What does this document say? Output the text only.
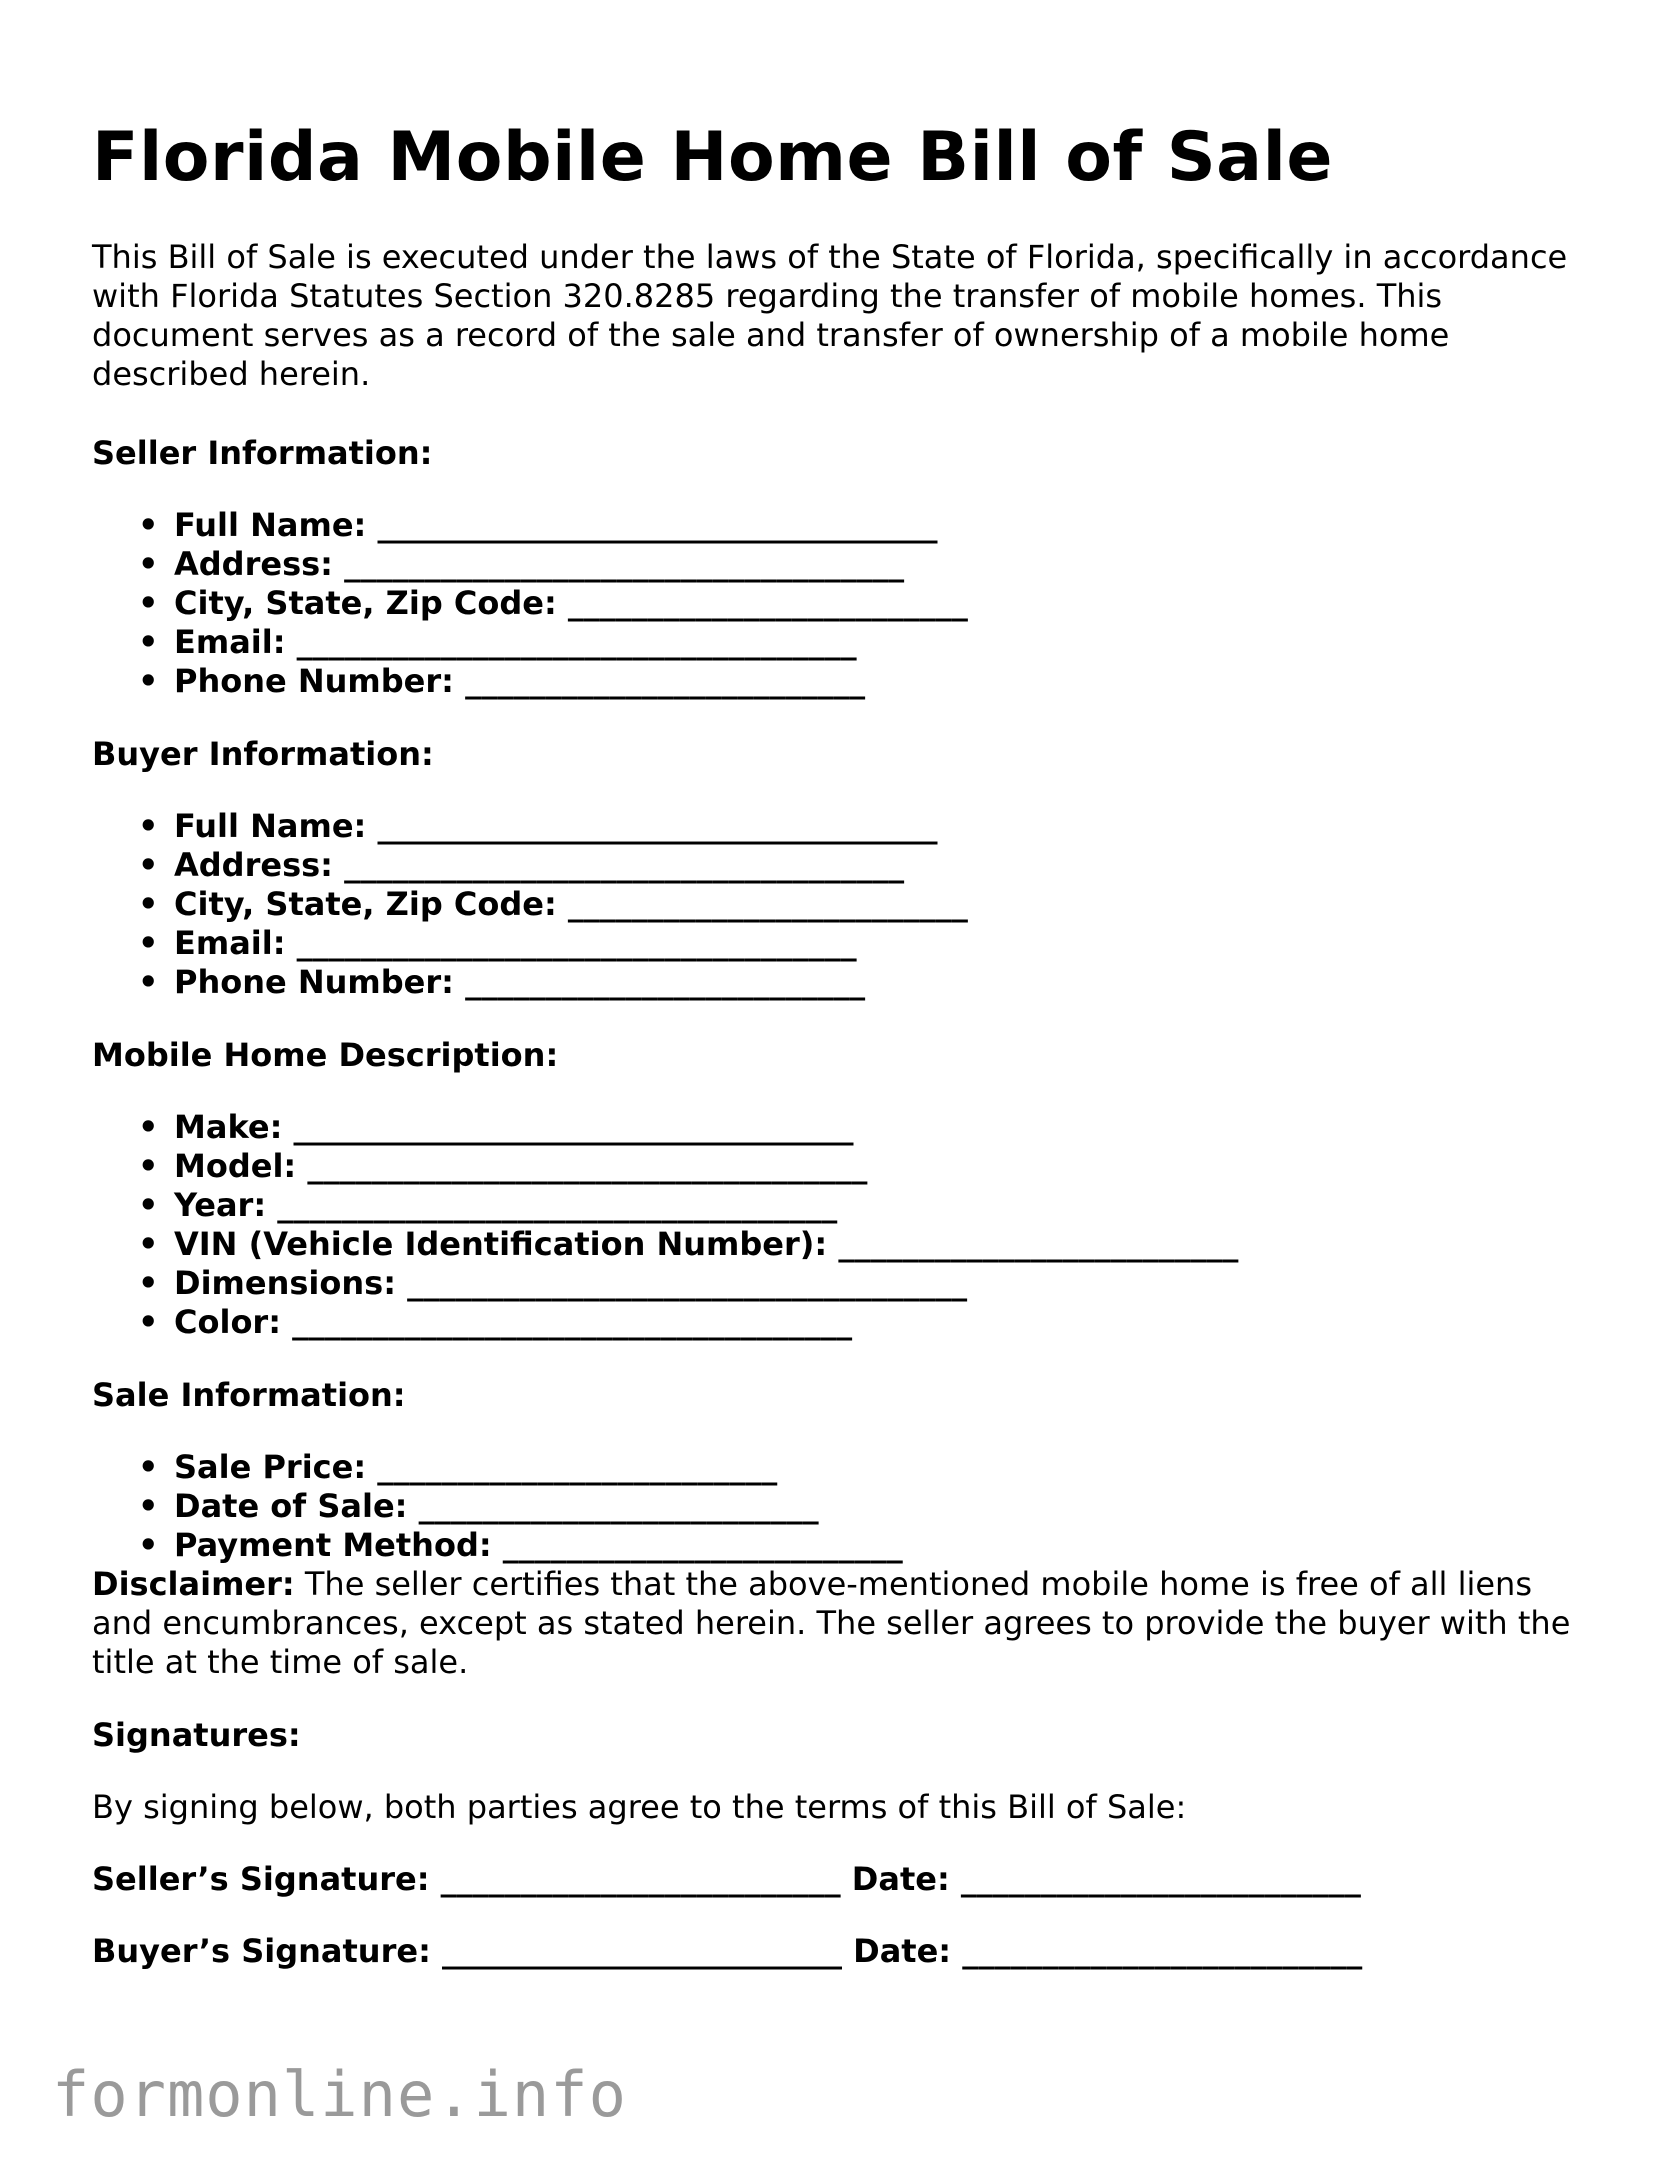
Florida Mobile Home Bill of Sale

This Bill of Sale is executed under the laws of the State of Florida, specifically in accordance with Florida Statutes Section 320.8285 regarding the transfer of mobile homes. This document serves as a record of the sale and transfer of ownership of a mobile home described herein.

Seller Information:
• Full Name: ___________________________________
• Address: ___________________________________
• City, State, Zip Code: _________________________
• Email: ___________________________________
• Phone Number: _________________________
Buyer Information:
• Full Name: ___________________________________
• Address: ___________________________________
• City, State, Zip Code: _________________________
• Email: ___________________________________
• Phone Number: _________________________
Mobile Home Description:
• Make: ___________________________________
• Model: ___________________________________
• Year: ___________________________________
• VIN (Vehicle Identification Number): _________________________
• Dimensions: ___________________________________
• Color: ___________________________________
Sale Information:
• Sale Price: _________________________
• Date of Sale: _________________________
• Payment Method: _________________________

Disclaimer: The seller certifies that the above-mentioned mobile home is free of all liens and encumbrances, except as stated herein. The seller agrees to provide the buyer with the title at the time of sale.

Signatures:

By signing below, both parties agree to the terms of this Bill of Sale:

Seller’s Signature: _________________________ Date: _________________________
Buyer’s Signature: _________________________ Date: _________________________
formonline.info
